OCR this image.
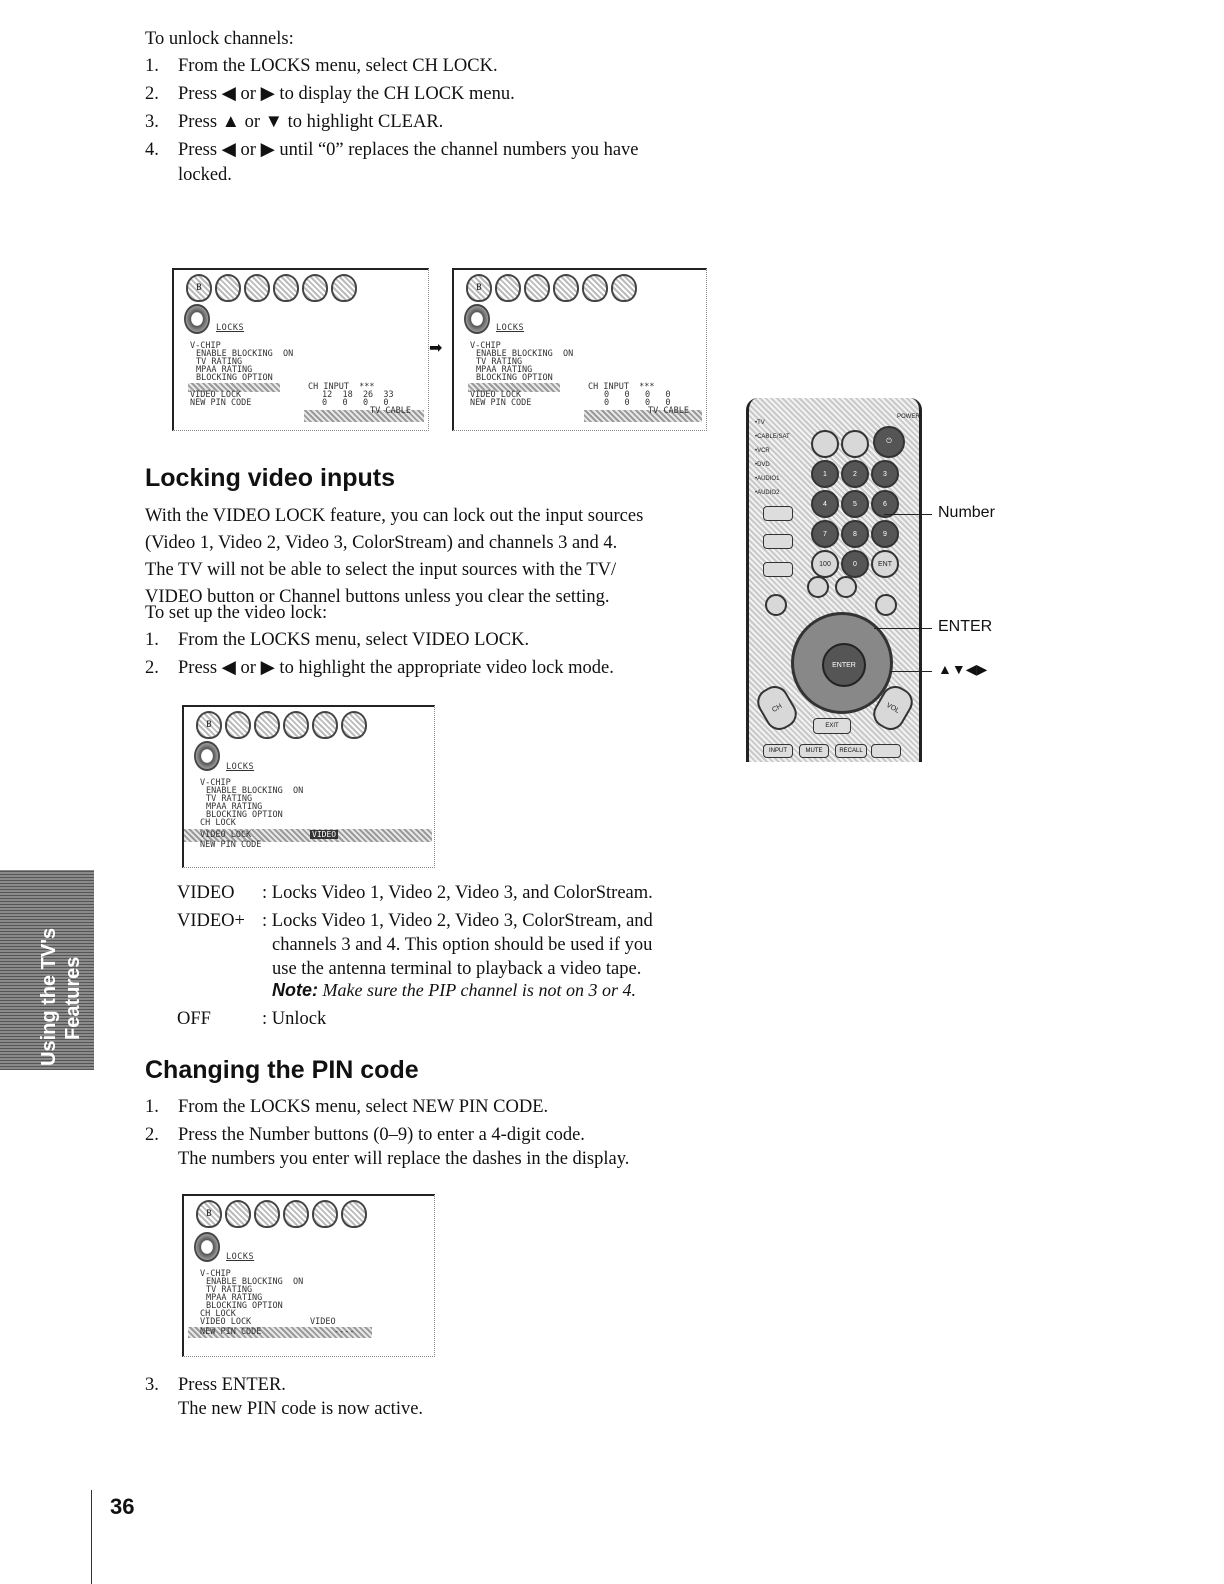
To unlock channels:
1.	From the LOCKS menu, select CH LOCK.
2.	Press ◀ or ▶ to display the CH LOCK menu.
3.	Press ▲ or ▼ to highlight CLEAR.
4.	Press ◀ or ▶ until “0” replaces the channel numbers you have
locked.
B
LOCKS
V-CHIP
ENABLE BLOCKING  ON
TV RATING
MPAA RATING
BLOCKING OPTION
CH INPUT  ***
12  18  26  33
VIDEO LOCK
NEW PIN CODE	0   0   0   0
TV CABLE
➡
B
LOCKS
V-CHIP
ENABLE BLOCKING  ON
TV RATING
MPAA RATING
BLOCKING OPTION
CH INPUT  ***
0   0   0   0
VIDEO LOCK
NEW PIN CODE	0   0   0   0
TV CABLE
Locking video inputs
With the VIDEO LOCK feature, you can lock out the input sources
(Video 1, Video 2, Video 3, ColorStream) and channels 3 and 4.
The TV will not be able to select the input sources with the TV/
VIDEO button or Channel buttons unless you clear the setting.
To set up the video lock:
1.	From the LOCKS menu, select VIDEO LOCK.
2.	Press ◀ or ▶ to highlight the appropriate video lock mode.
B
LOCKS
V-CHIP
ENABLE BLOCKING  ON
TV RATING
MPAA RATING
BLOCKING OPTION
CH LOCK
VIDEO LOCK	VIDEO
NEW PIN CODE
VIDEO : Locks Video 1, Video 2, Video 3, and ColorStream.
VIDEO+ : Locks Video 1, Video 2, Video 3, ColorStream, and
channels 3 and 4. This option should be used if you
use the antenna terminal to playback a video tape.
Note: Make sure the PIP channel is not on 3 or 4.
OFF	: Unlock
Changing the PIN code
1.	From the LOCKS menu, select NEW PIN CODE.
2.	Press the Number buttons (0–9) to enter a 4-digit code.
The numbers you enter will replace the dashes in the display.
B
LOCKS
V-CHIP
ENABLE BLOCKING  ON
TV RATING
MPAA RATING
BLOCKING OPTION
CH LOCK
VIDEO LOCK	VIDEO
NEW PIN CODE	----
3.	Press ENTER.
The new PIN code is now active.
Using the TV's Features
36
POWER
⏻
•TV
•CABLE/SAT
•VCR
•DVD
•AUDIO1
•AUDIO2
1	2	3
4	5	6
7	8	9
100	0	ENT
ENTER
CH	VOL
EXIT
INPUT	MUTE	RECALL
Number
ENTER
▲▼◀▶
